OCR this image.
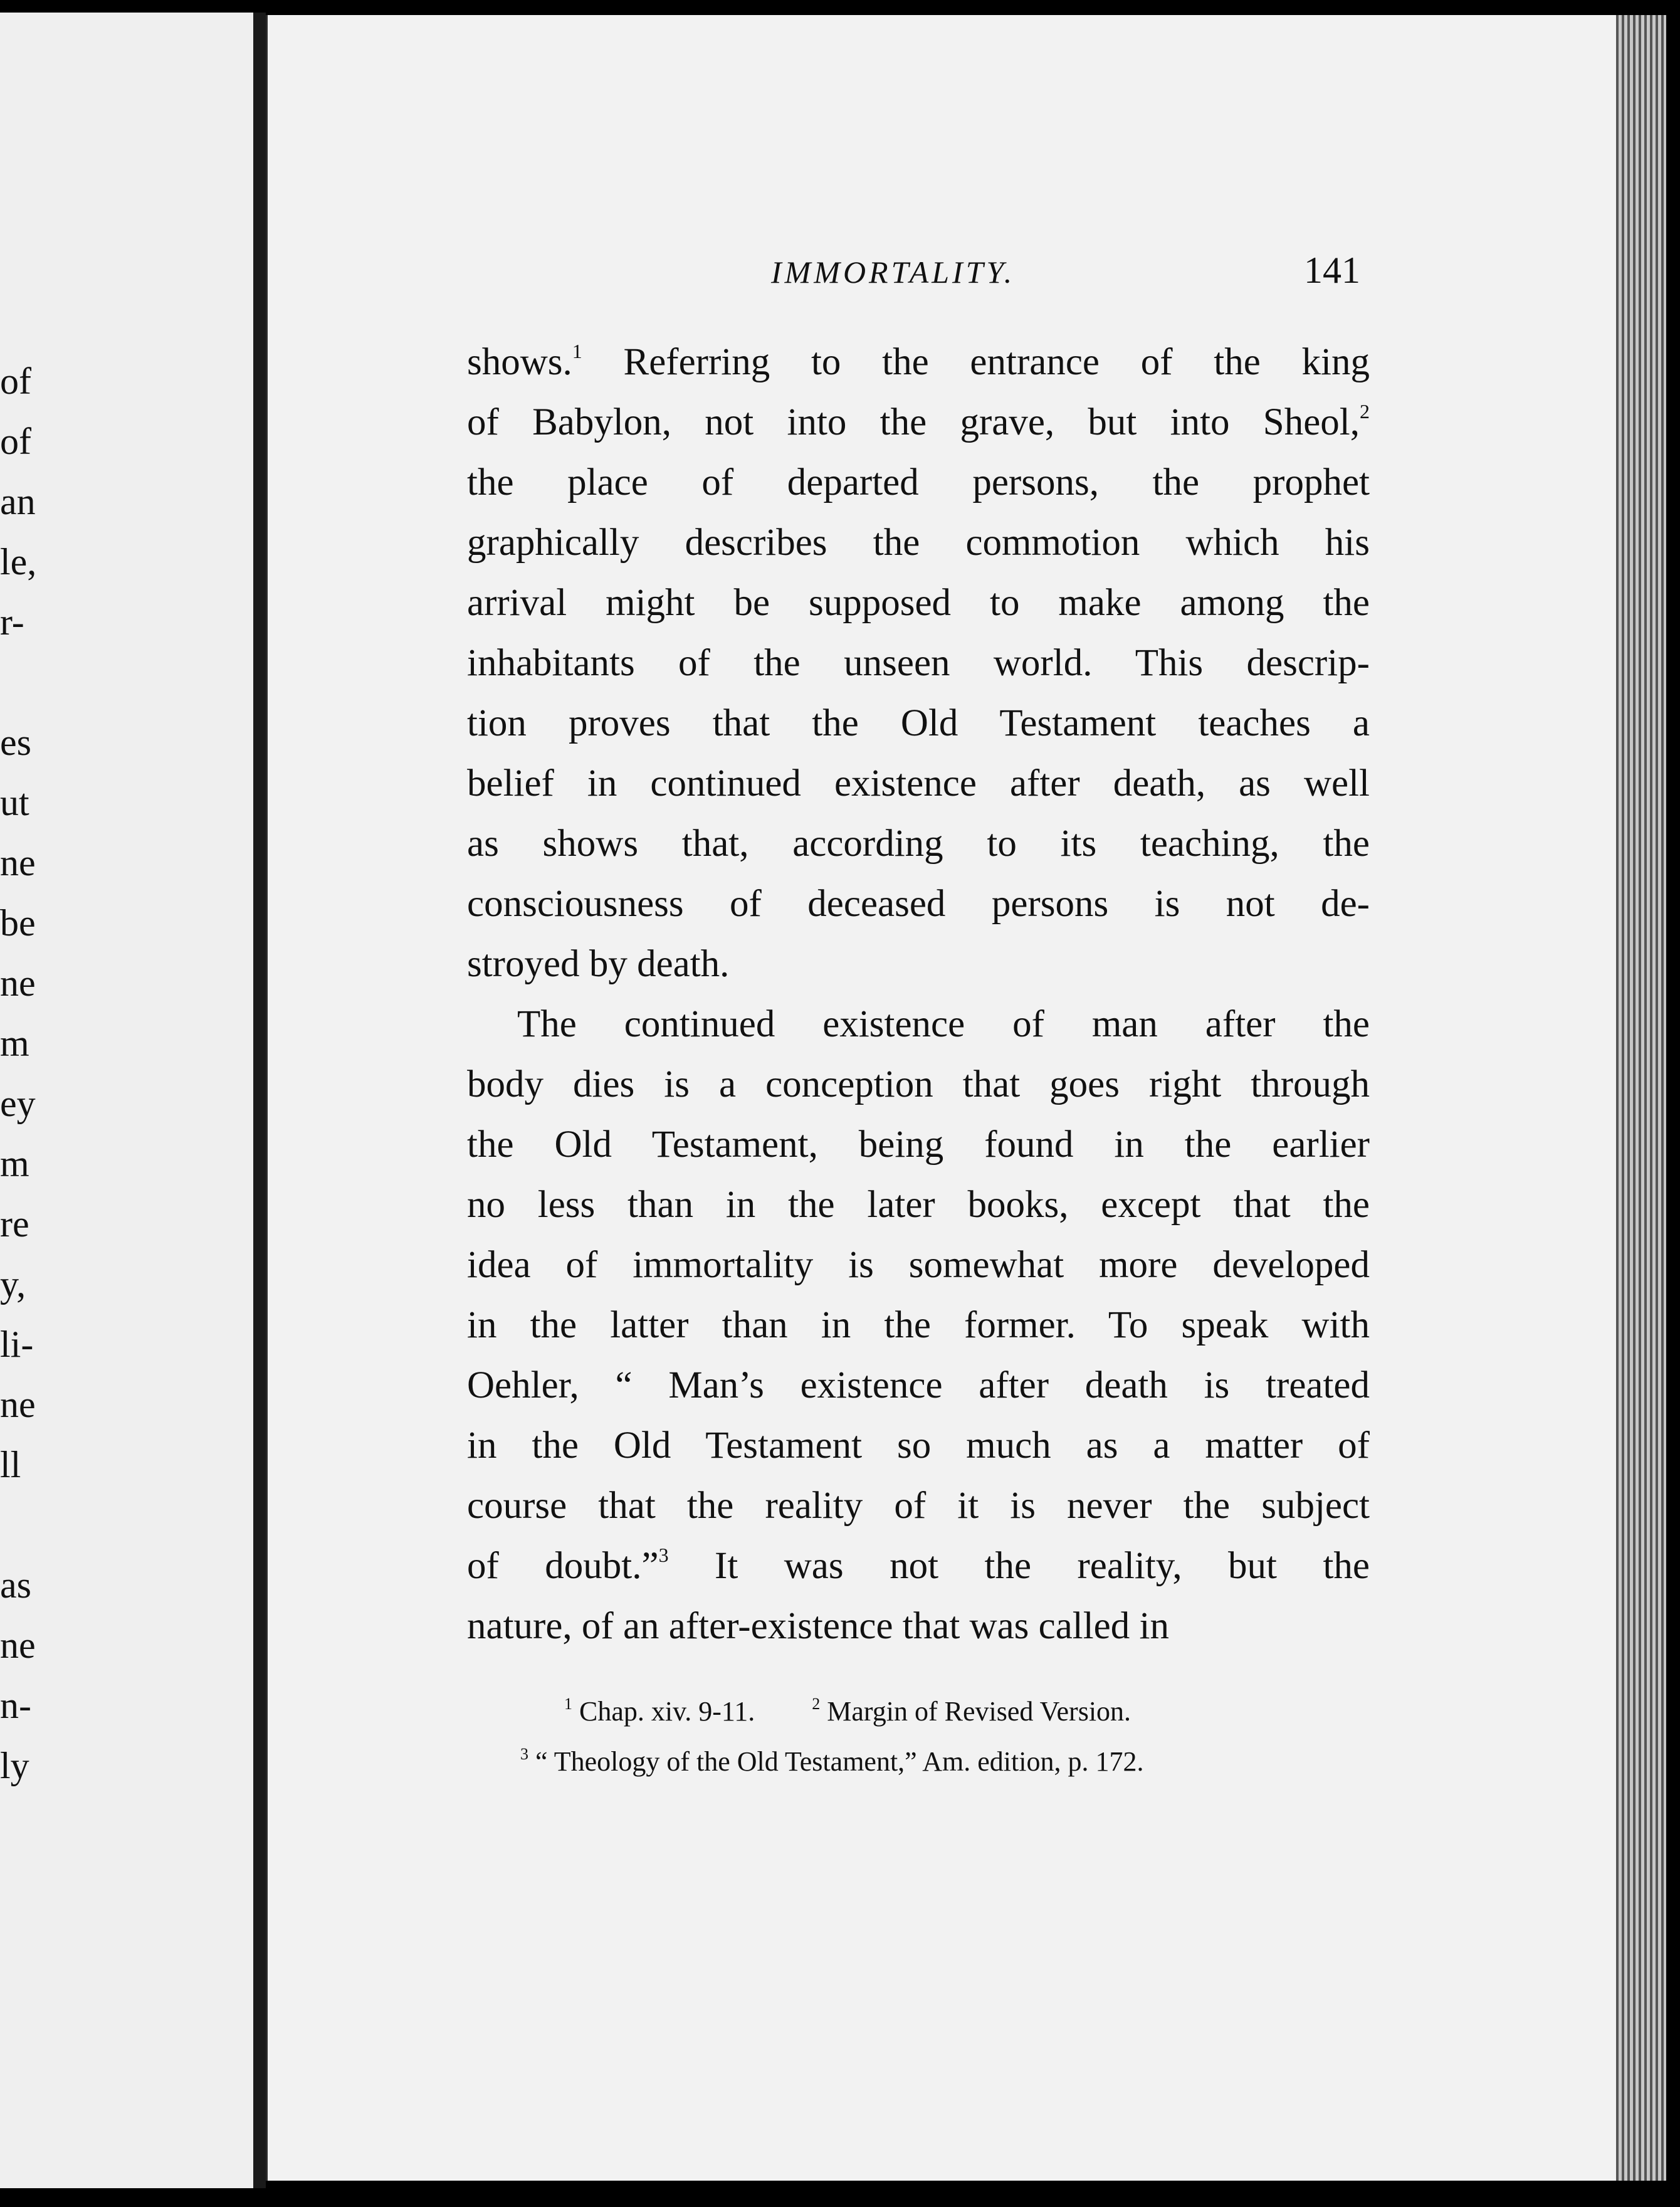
of
of
an
le,
r-
es
ut
ne
be
ne
m
ey
m
re
y,
li-
ne
ll
as
ne
n-
ly
IMMORTALITY.	141
shows.$^1$ Referring to the entrance of the king
of Babylon, not into the grave, but into Sheol,$^2$
the place of departed persons, the prophet
graphically describes the commotion which his
arrival might be supposed to make among the
inhabitants of the unseen world. This descrip-
tion proves that the Old Testament teaches a
belief in continued existence after death, as well
as shows that, according to its teaching, the
consciousness of deceased persons is not de-
stroyed by death.
The continued existence of man after the
body dies is a conception that goes right through
the Old Testament, being found in the earlier
no less than in the later books, except that the
idea of immortality is somewhat more developed
in the latter than in the former. To speak with
Oehler, “ Man’s existence after death is treated
in the Old Testament so much as a matter of
course that the reality of it is never the subject
of doubt.”$^3$ It was not the reality, but the
nature, of an after-existence that was called in
$^1$ Chap. xiv. 9-11.	$^2$ Margin of Revised Version.
$^3$ “ Theology of the Old Testament,” Am. edition, p. 172.
